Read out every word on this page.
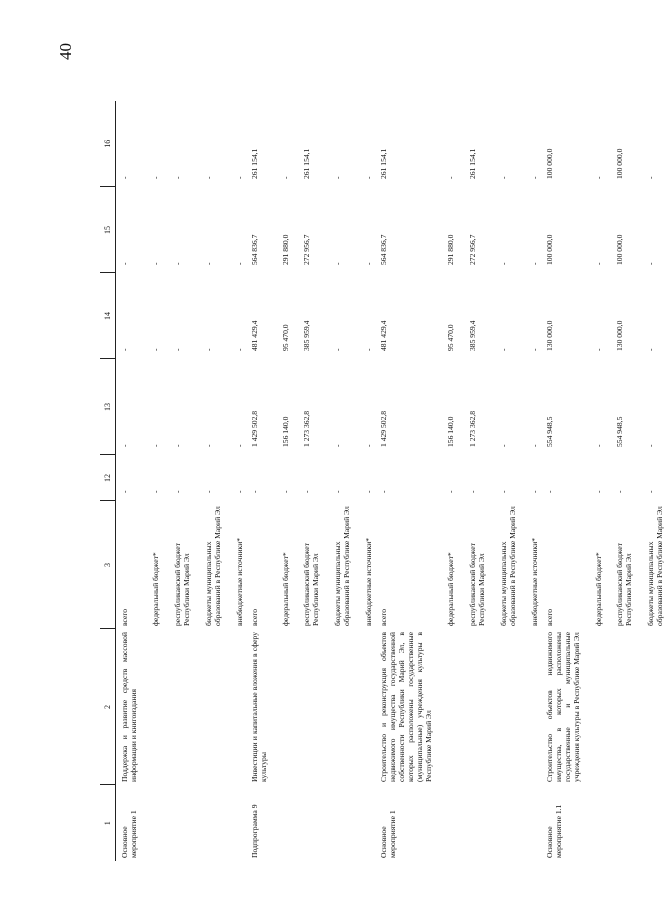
40
1	2	3	12	13	14	15	16
Основное мероприятие 1	Поддержка и развитие средств массовой информации и книгоиздания	всего	-	-	-	-	-
		федеральный бюджет*	-	-	-	-	-
		республиканский бюджет Республики Марий Эл	-	-	-	-	-
		бюджеты муниципальных образований в Республике Марий Эл	-	-	-	-	-
		внебюджетные источники*	-	-	-	-	-
Подпрограмма 9	Инвестиции и капитальные вложения в сферу культуры	всего	-	1 429 502,8	481 429,4	564 836,7	261 154,1
		федеральный бюджет*	-	156 140,0	95 470,0	291 880,0	-
		республиканский бюджет Республики Марий Эл	-	1 273 362,8	385 959,4	272 956,7	261 154,1
		бюджеты муниципальных образований в Республике Марий Эл	-	-	-	-	-
		внебюджетные источники*	-	-	-	-	-
Основное мероприятие 1	Строительство и реконструкция объектов недвижимого имущества государственной собственности Республики Марий Эл, в которых расположены государственные (муниципальные) учреждения культуры в Республике Марий Эл	всего	-	1 429 502,8	481 429,4	564 836,7	261 154,1
		федеральный бюджет*	-	156 140,0	95 470,0	291 880,0	-
		республиканский бюджет Республики Марий Эл	-	1 273 362,8	385 959,4	272 956,7	261 154,1
		бюджеты муниципальных образований в Республике Марий Эл	-	-	-	-	-
		внебюджетные источники*	-	-	-	-	-
Основное мероприятие 1.1	Строительство объектов недвижимого имущества, в которых расположены государственные и муниципальные учреждения культуры в Республике Марий Эл	всего	-	554 948,5	130 000,0	100 000,0	100 000,0
		федеральный бюджет*	-	-	-	-	-
		республиканский бюджет Республики Марий Эл	-	554 948,5	130 000,0	100 000,0	100 000,0
		бюджеты муниципальных образований в Республике Марий Эл	-	-	-	-	-
